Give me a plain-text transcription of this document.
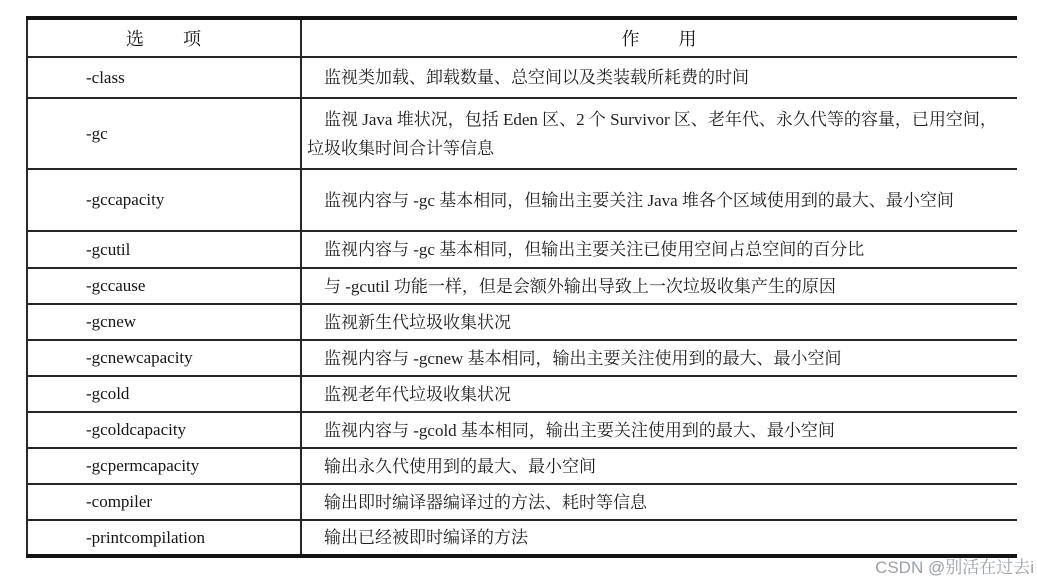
选　　项	作　　用
-class	监视类加载、卸载数量、总空间以及类装载所耗费的时间
-gc	监视 Java 堆状况，包括 Eden 区、2 个 Survivor 区、老年代、永久代等的容量，已用空间，垃圾收集时间合计等信息
-gccapacity	监视内容与 -gc 基本相同，但输出主要关注 Java 堆各个区域使用到的最大、最小空间
-gcutil	监视内容与 -gc 基本相同，但输出主要关注已使用空间占总空间的百分比
-gccause	与 -gcutil 功能一样，但是会额外输出导致上一次垃圾收集产生的原因
-gcnew	监视新生代垃圾收集状况
-gcnewcapacity	监视内容与 -gcnew 基本相同，输出主要关注使用到的最大、最小空间
-gcold	监视老年代垃圾收集状况
-gcoldcapacity	监视内容与 -gcold 基本相同，输出主要关注使用到的最大、最小空间
-gcpermcapacity	输出永久代使用到的最大、最小空间
-compiler	输出即时编译器编译过的方法、耗时等信息
-printcompilation	输出已经被即时编译的方法
CSDN @别活在过去i
